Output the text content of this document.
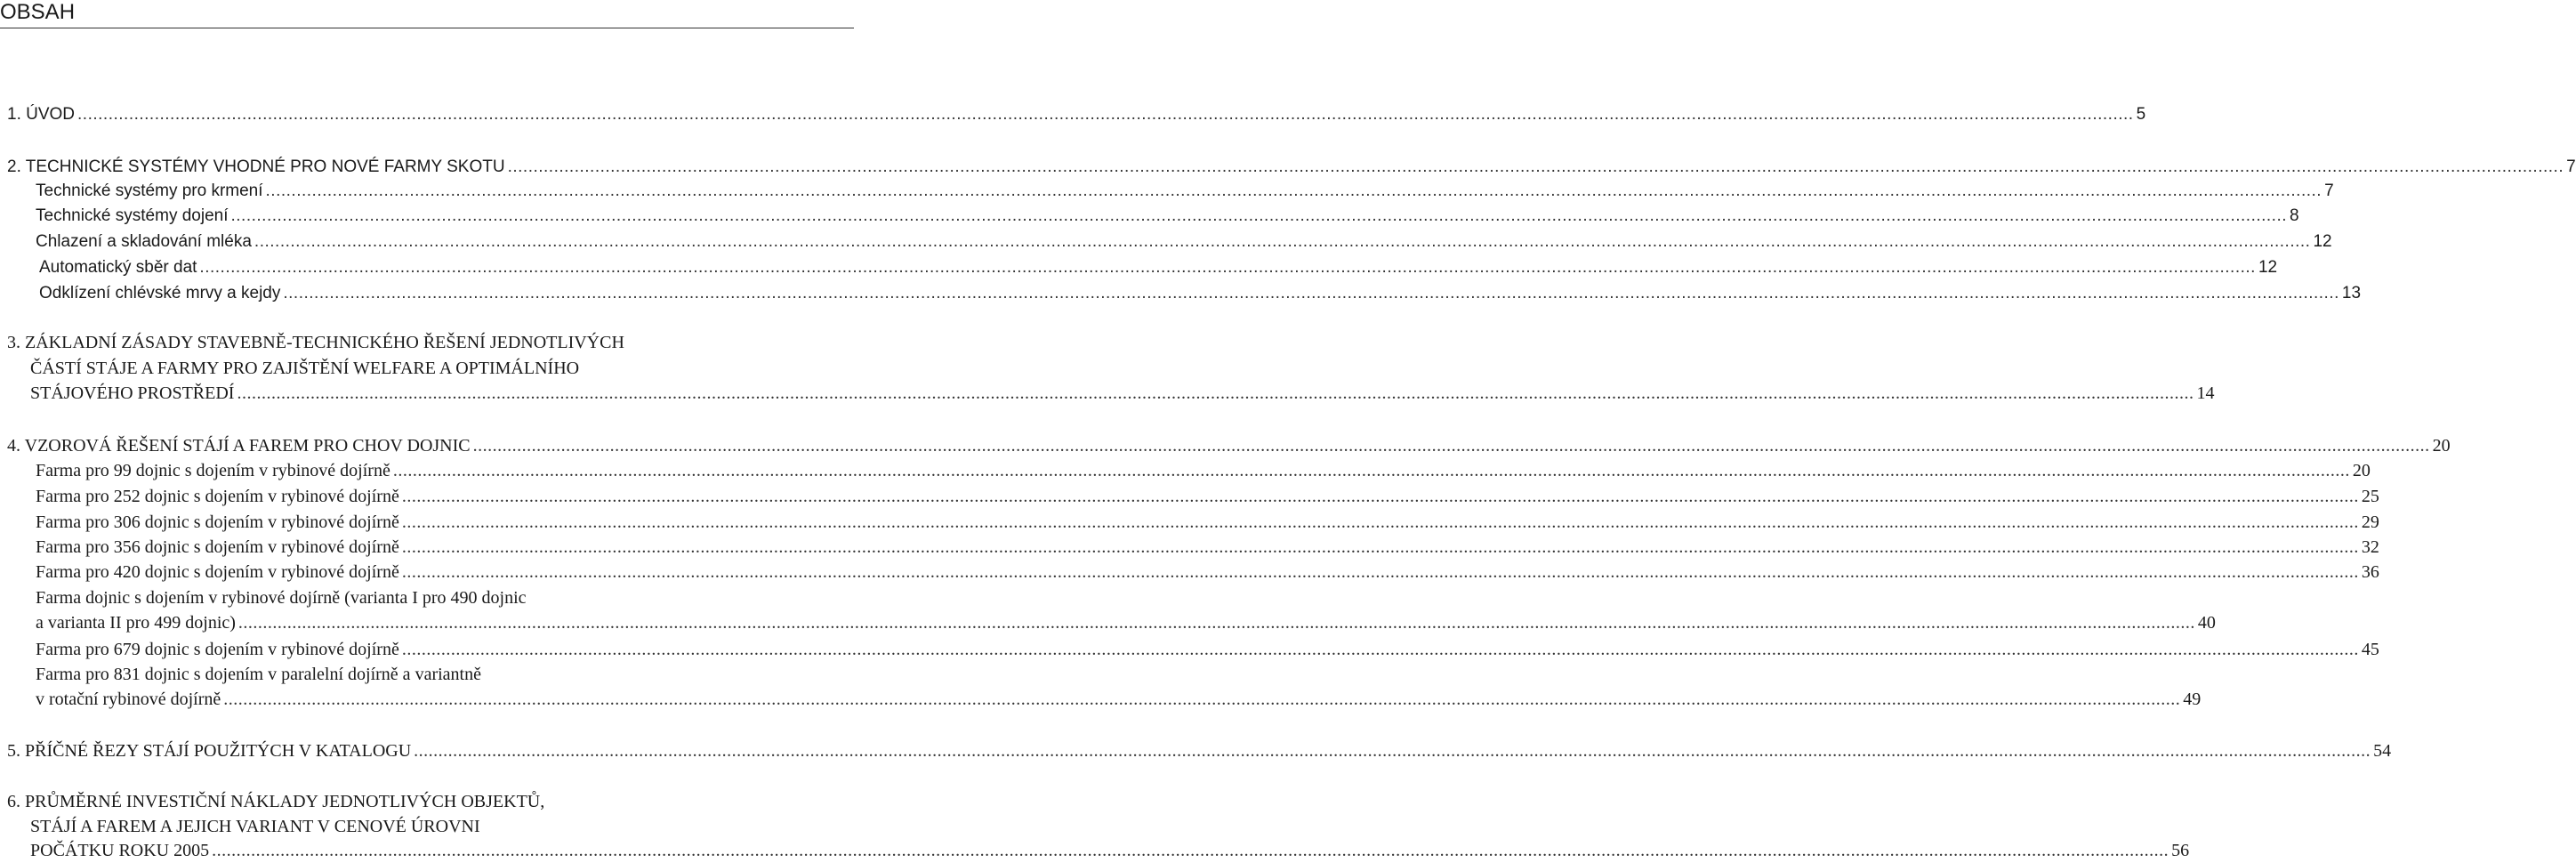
OBSAH
1. ÚVOD ................................................................................................................................................................................................................................................................................................................................................................................................................ 5
2. TECHNICKÉ SYSTÉMY VHODNÉ PRO NOVÉ FARMY SKOTU ................................................................................................................................................................................................................................................................................................................................................................................................................ 7
Technické systémy pro krmení ................................................................................................................................................................................................................................................................................................................................................................................................................ 7
Technické systémy dojení ................................................................................................................................................................................................................................................................................................................................................................................................................ 8
Chlazení a skladování mléka ................................................................................................................................................................................................................................................................................................................................................................................................................ 12
Automatický sběr dat ................................................................................................................................................................................................................................................................................................................................................................................................................ 12
Odklízení chlévské mrvy a kejdy ................................................................................................................................................................................................................................................................................................................................................................................................................ 13
3. ZÁKLADNÍ ZÁSADY STAVEBNĚ-TECHNICKÉHO ŘEŠENÍ JEDNOTLIVÝCH
ČÁSTÍ STÁJE A FARMY PRO ZAJIŠTĚNÍ WELFARE A OPTIMÁLNÍHO
STÁJOVÉHO PROSTŘEDÍ ................................................................................................................................................................................................................................................................................................................................................................................................................ 14
4. VZOROVÁ ŘEŠENÍ STÁJÍ A FAREM PRO CHOV DOJNIC ................................................................................................................................................................................................................................................................................................................................................................................................................ 20
Farma pro 99 dojnic s dojením v rybinové dojírně ................................................................................................................................................................................................................................................................................................................................................................................................................ 20
Farma pro 252 dojnic s dojením v rybinové dojírně ................................................................................................................................................................................................................................................................................................................................................................................................................ 25
Farma pro 306 dojnic s dojením v rybinové dojírně ................................................................................................................................................................................................................................................................................................................................................................................................................ 29
Farma pro 356 dojnic s dojením v rybinové dojírně ................................................................................................................................................................................................................................................................................................................................................................................................................ 32
Farma pro 420 dojnic s dojením v rybinové dojírně ................................................................................................................................................................................................................................................................................................................................................................................................................ 36
Farma dojnic s dojením v rybinové dojírně (varianta I pro 490 dojnic
a varianta II pro 499 dojnic) ................................................................................................................................................................................................................................................................................................................................................................................................................ 40
Farma pro 679 dojnic s dojením v rybinové dojírně ................................................................................................................................................................................................................................................................................................................................................................................................................ 45
Farma pro 831 dojnic s dojením v paralelní dojírně a variantně
v rotační rybinové dojírně ................................................................................................................................................................................................................................................................................................................................................................................................................ 49
5. PŘÍČNÉ ŘEZY STÁJÍ POUŽITÝCH V KATALOGU ................................................................................................................................................................................................................................................................................................................................................................................................................ 54
6. PRŮMĚRNÉ INVESTIČNÍ NÁKLADY JEDNOTLIVÝCH OBJEKTŮ,
STÁJÍ A FAREM A JEJICH VARIANT V CENOVÉ ÚROVNI
POČÁTKU ROKU 2005 ................................................................................................................................................................................................................................................................................................................................................................................................................ 56
